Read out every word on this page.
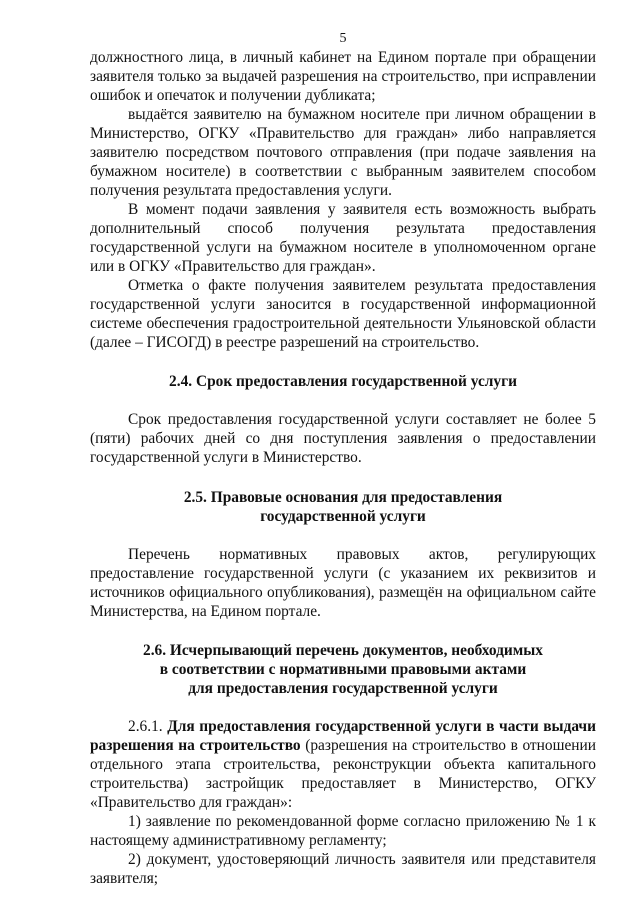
5

должностного лица, в личный кабинет на Едином портале при обращении заявителя только за выдачей разрешения на строительство, при исправлении ошибок и опечаток и получении дубликата;

выдаётся заявителю на бумажном носителе при личном обращении в Министерство, ОГКУ «Правительство для граждан» либо направляется заявителю посредством почтового отправления (при подаче заявления на бумажном носителе) в соответствии с выбранным заявителем способом получения результата предоставления услуги.

В момент подачи заявления у заявителя есть возможность выбрать дополнительный способ получения результата предоставления государственной услуги на бумажном носителе в уполномоченном органе или в ОГКУ «Правительство для граждан».

Отметка о факте получения заявителем результата предоставления государственной услуги заносится в государственной информационной системе обеспечения градостроительной деятельности Ульяновской области (далее – ГИСОГД) в реестре разрешений на строительство.

2.4. Срок предоставления государственной услуги

Срок предоставления государственной услуги составляет не более 5 (пяти) рабочих дней со дня поступления заявления о предоставлении государственной услуги в Министерство.

2.5. Правовые основания для предоставления
государственной услуги

Перечень нормативных правовых актов, регулирующих предоставление государственной услуги (с указанием их реквизитов и источников официального опубликования), размещён на официальном сайте Министерства, на Едином портале.

2.6. Исчерпывающий перечень документов, необходимых
в соответствии с нормативными правовыми актами
для предоставления государственной услуги

2.6.1. Для предоставления государственной услуги в части выдачи разрешения на строительство (разрешения на строительство в отношении отдельного этапа строительства, реконструкции объекта капитального строительства) застройщик предоставляет в Министерство, ОГКУ «Правительство для граждан»:

1) заявление по рекомендованной форме согласно приложению № 1 к настоящему административному регламенту;

2) документ, удостоверяющий личность заявителя или представителя заявителя;
